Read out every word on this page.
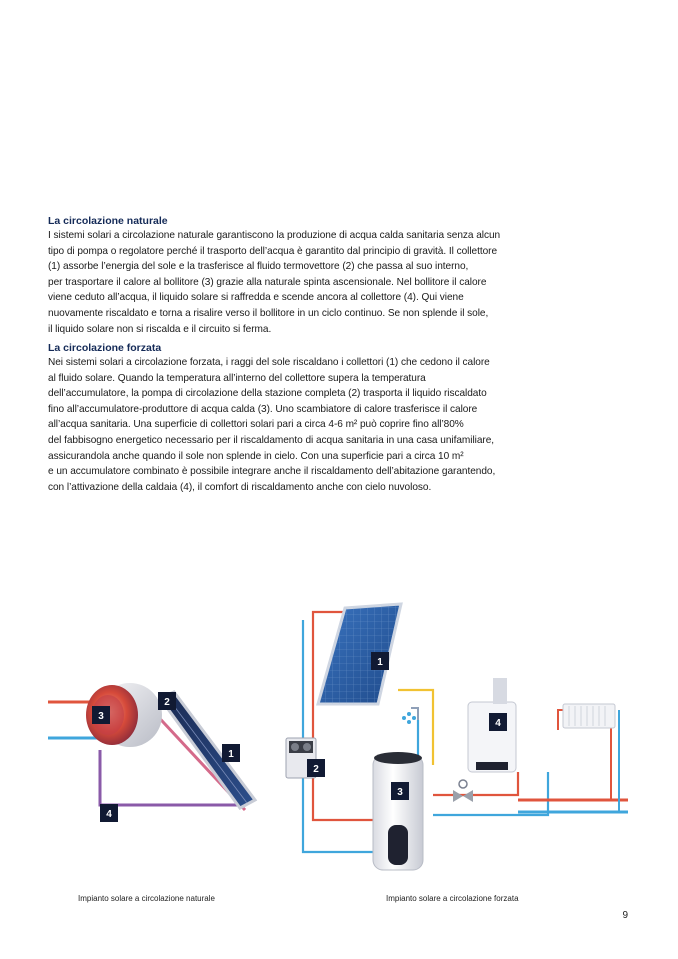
La circolazione naturale

I sistemi solari a circolazione naturale garantiscono la produzione di acqua calda sanitaria senza alcun
tipo di pompa o regolatore perché il trasporto dell’acqua è garantito dal principio di gravità. Il collettore
(1) assorbe l’energia del sole e la trasferisce al fluido termovettore (2) che passa al suo interno,
per trasportare il calore al bollitore (3) grazie alla naturale spinta ascensionale. Nel bollitore il calore
viene ceduto all’acqua, il liquido solare si raffredda e scende ancora al collettore (4). Qui viene
nuovamente riscaldato e torna a risalire verso il bollitore in un ciclo continuo. Se non splende il sole,
il liquido solare non si riscalda e il circuito si ferma.

La circolazione forzata

Nei sistemi solari a circolazione forzata, i raggi del sole riscaldano i collettori (1) che cedono il calore
al fluido solare. Quando la temperatura all’interno del collettore supera la temperatura
dell’accumulatore, la pompa di circolazione della stazione completa (2) trasporta il liquido riscaldato
fino all’accumulatore-produttore di acqua calda (3). Uno scambiatore di calore trasferisce il calore
all’acqua sanitaria. Una superficie di collettori solari pari a circa 4-6 m² può coprire fino all’80%
del fabbisogno energetico necessario per il riscaldamento di acqua sanitaria in una casa unifamiliare,
assicurandola anche quando il sole non splende in cielo. Con una superficie pari a circa 10 m²
e un accumulatore combinato è possibile integrare anche il riscaldamento dell’abitazione garantendo,
con l’attivazione della caldaia (4), il comfort di riscaldamento anche con cielo nuvoloso.

3
2
1
4
1
2
3
4
Impianto solare a circolazione naturale	Impianto solare a circolazione forzata
9
